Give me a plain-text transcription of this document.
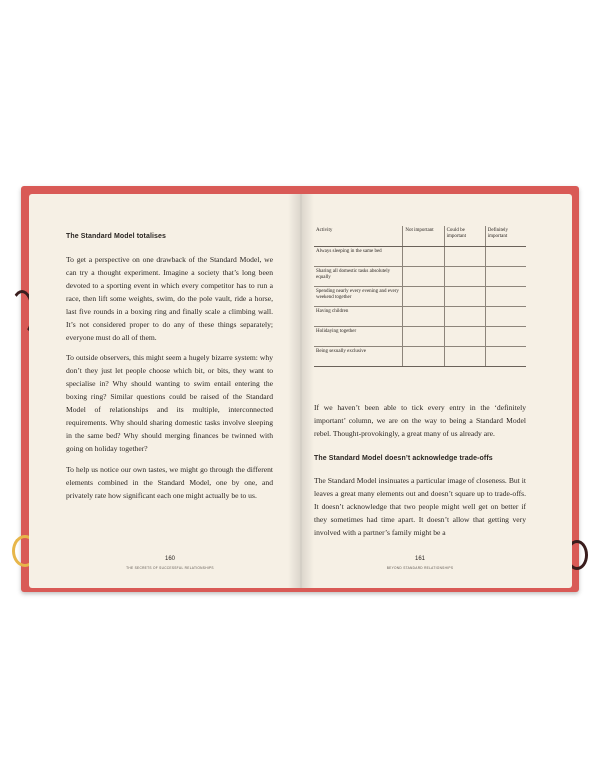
The Standard Model totalises

To get a perspective on one drawback of the Standard Model, we can try a thought experiment. Imagine a society that’s long been devoted to a sporting event in which every competitor has to run a race, then lift some weights, swim, do the pole vault, ride a horse, last five rounds in a boxing ring and finally scale a climbing wall. It’s not considered proper to do any of these things separately; everyone must do all of them.

To outside observers, this might seem a hugely bizarre system: why don’t they just let people choose which bit, or bits, they want to specialise in? Why should wanting to swim entail entering the boxing ring? Similar questions could be raised of the Standard Model of relationships and its multiple, interconnected requirements. Why should sharing domestic tasks involve sleeping in the same bed? Why should merging finances be twinned with going on holiday together?

To help us notice our own tastes, we might go through the different elements combined in the Standard Model, one by one, and privately rate how significant each one might actually be to us.

160
THE SECRETS OF SUCCESSFUL RELATIONSHIPS
Activity	Not important	Could be important	Definitely important
Always sleeping in the same bed			
Sharing all domestic tasks absolutely equally			
Spending nearly every evening and every weekend together			
Having children			
Holidaying together			
Being sexually exclusive			

If we haven’t been able to tick every entry in the ‘definitely important’ column, we are on the way to being a Standard Model rebel. Thought-provokingly, a great many of us already are.

The Standard Model doesn’t acknowledge trade-offs

The Standard Model insinuates a particular image of closeness. But it leaves a great many elements out and doesn’t square up to trade-offs. It doesn’t acknowledge that two people might well get on better if they sometimes had time apart. It doesn’t allow that getting very involved with a partner’s family might be a

161
BEYOND STANDARD RELATIONSHIPS
